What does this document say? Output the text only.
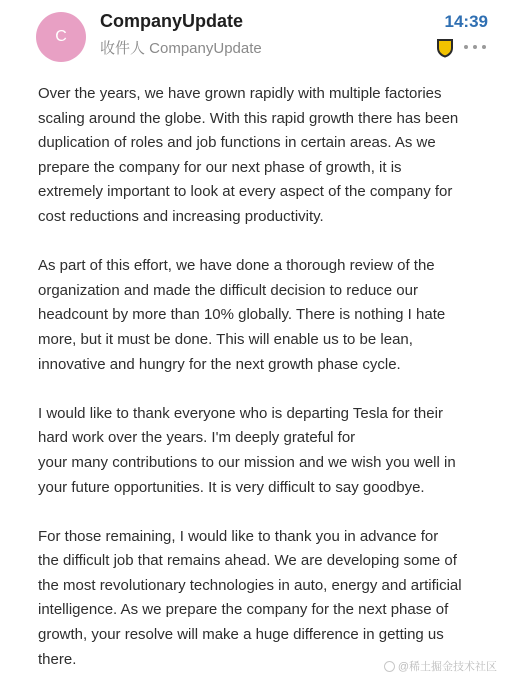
C
CompanyUpdate
收件人 CompanyUpdate
14:39
Over the years, we have grown rapidly with multiple factories
scaling around the globe. With this rapid growth there has been
duplication of roles and job functions in certain areas. As we
prepare the company for our next phase of growth, it is
extremely important to look at every aspect of the company for
cost reductions and increasing productivity.
As part of this effort, we have done a thorough review of the
organization and made the difficult decision to reduce our
headcount by more than 10% globally. There is nothing I hate
more, but it must be done. This will enable us to be lean,
innovative and hungry for the next growth phase cycle.
I would like to thank everyone who is departing Tesla for their
hard work over the years. I'm deeply grateful for
your many contributions to our mission and we wish you well in
your future opportunities. It is very difficult to say goodbye.
For those remaining, I would like to thank you in advance for
the difficult job that remains ahead. We are developing some of
the most revolutionary technologies in auto, energy and artificial
intelligence. As we prepare the company for the next phase of
growth, your resolve will make a huge difference in getting us
there.	@稀土掘金技术社区
